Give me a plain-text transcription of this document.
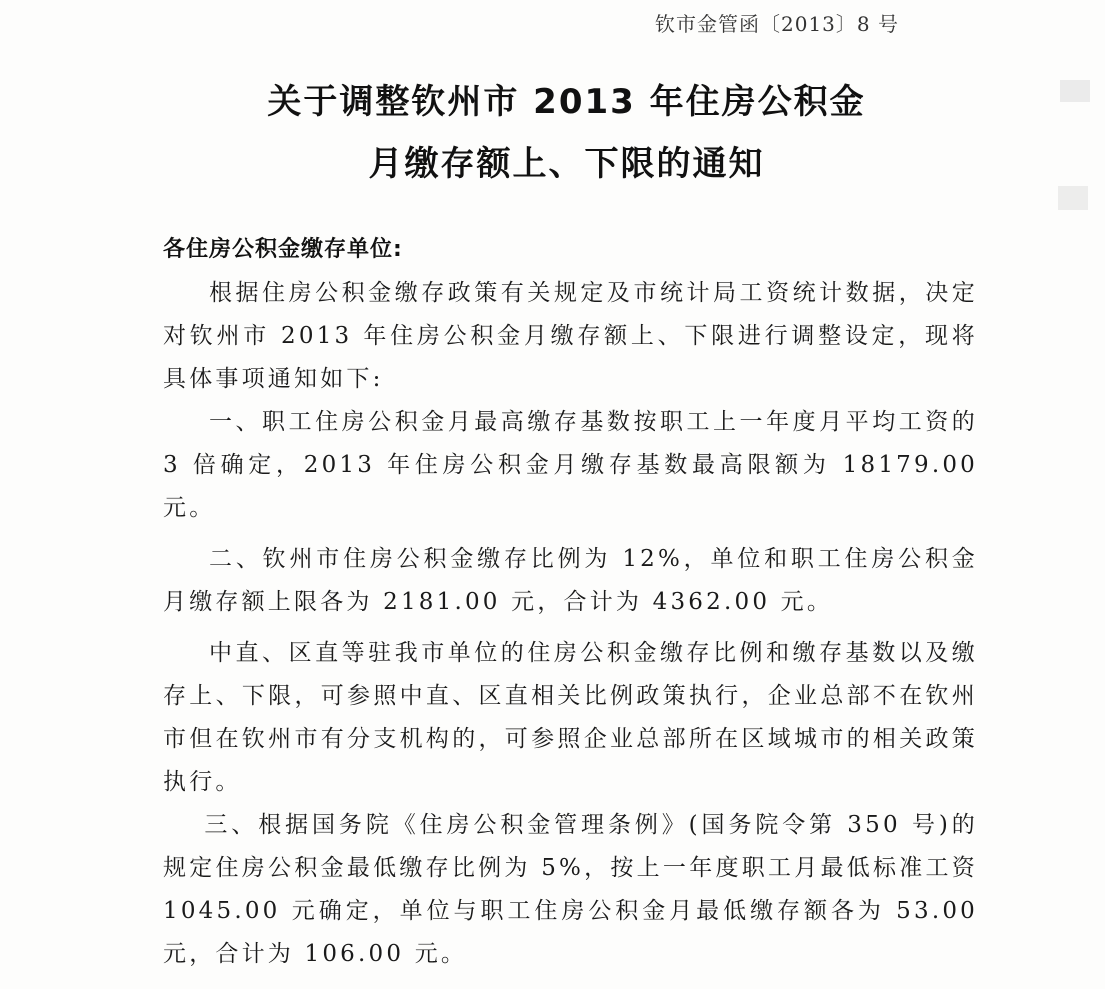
钦市金管函〔2013〕8 号
关于调整钦州市 2013 年住房公积金
月缴存额上、下限的通知
各住房公积金缴存单位:

根据住房公积金缴存政策有关规定及市统计局工资统计数据，决定对钦州市 2013 年住房公积金月缴存额上、下限进行调整设定，现将具体事项通知如下:

一、职工住房公积金月最高缴存基数按职工上一年度月平均工资的 3 倍确定，2013 年住房公积金月缴存基数最高限额为 18179.00 元。

二、钦州市住房公积金缴存比例为 12%，单位和职工住房公积金月缴存额上限各为 2181.00 元，合计为 4362.00 元。

中直、区直等驻我市单位的住房公积金缴存比例和缴存基数以及缴存上、下限，可参照中直、区直相关比例政策执行，企业总部不在钦州市但在钦州市有分支机构的，可参照企业总部所在区域城市的相关政策执行。

三、根据国务院《住房公积金管理条例》(国务院令第 350 号)的规定住房公积金最低缴存比例为 5%，按上一年度职工月最低标准工资 1045.00 元确定，单位与职工住房公积金月最低缴存额各为 53.00 元，合计为 106.00 元。
